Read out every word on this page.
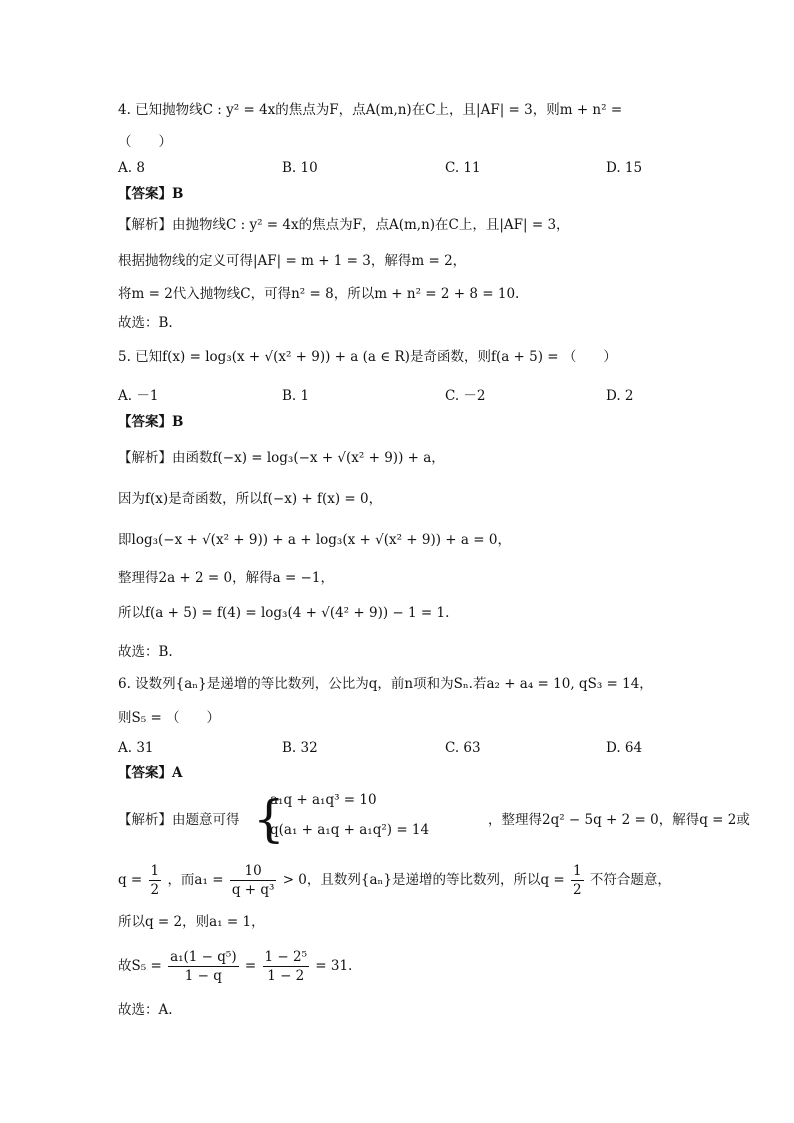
4. 已知抛物线C : y² = 4x的焦点为F，点A(m,n)在C上，且|AF| = 3，则m + n² =
（　　）
A. 8	B. 10	C. 11	D. 15
【答案】B
【解析】由抛物线C : y² = 4x的焦点为F，点A(m,n)在C上，且|AF| = 3，
根据抛物线的定义可得|AF| = m + 1 = 3，解得m = 2，
将m = 2代入抛物线C，可得n² = 8，所以m + n² = 2 + 8 = 10.
故选：B.
5. 已知f(x) = log₃(x + √(x² + 9)) + a (a ∈ R)是奇函数，则f(a + 5) = （　　）
A. －1	B. 1	C. －2	D. 2
【答案】B
【解析】由函数f(−x) = log₃(−x + √(x² + 9)) + a，
因为f(x)是奇函数，所以f(−x) + f(x) = 0，
即log₃(−x + √(x² + 9)) + a + log₃(x + √(x² + 9)) + a = 0，
整理得2a + 2 = 0，解得a = −1，
所以f(a + 5) = f(4) = log₃(4 + √(4² + 9)) − 1 = 1.
故选：B.
6. 设数列{aₙ}是递增的等比数列，公比为q，前n项和为Sₙ.若a₂ + a₄ = 10, qS₃ = 14，
则S₅ = （　　）
A. 31	B. 32	C. 63	D. 64
【答案】A
【解析】由题意可得 {
a₁q + a₁q³ = 10
q(a₁ + a₁q + a₁q²) = 14
，整理得2q² − 5q + 2 = 0，解得q = 2或
$q = \frac{1}{2}$ ，而$a_1 = \frac{10}{\text{q + q³}} > 0$，且数列{aₙ}是递增的等比数列，所以$q = \frac{1}{2}$ 不符合题意，
所以q = 2，则a₁ = 1，
故$S_5 = \frac{\text{a₁(1 − q⁵)}}{1 - q} = \frac{\text{1 − 2⁵}}{1 - 2} = 31$.
故选：A.
